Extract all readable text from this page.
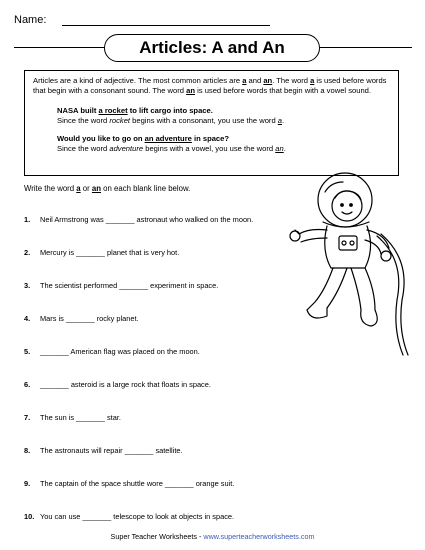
Name:
Articles: A and An

Articles are a kind of adjective. The most common articles are a and an. The word a is used before words that begin with a consonant sound. The word an is used before words that begin with a vowel sound.

NASA built a rocket to lift cargo into space.
Since the word rocket begins with a consonant, you use the word a.

Would you like to go on an adventure in space?
Since the word adventure begins with a vowel, you use the word an.

Write the word a or an on each blank line below.
1. Neil Armstrong was _______ astronaut who walked on the moon.
2. Mercury is _______ planet that is very hot.
3. The scientist performed _______ experiment in space.
4. Mars is _______ rocky planet.
5. _______ American flag was placed on the moon.
6. _______ asteroid is a large rock that floats in space.
7. The sun is _______ star.
8. The astronauts will repair _______ satellite.
9. The captain of the space shuttle wore _______ orange suit.
10. You can use _______ telescope to look at objects in space.
Super Teacher Worksheets - www.superteacherworksheets.com
